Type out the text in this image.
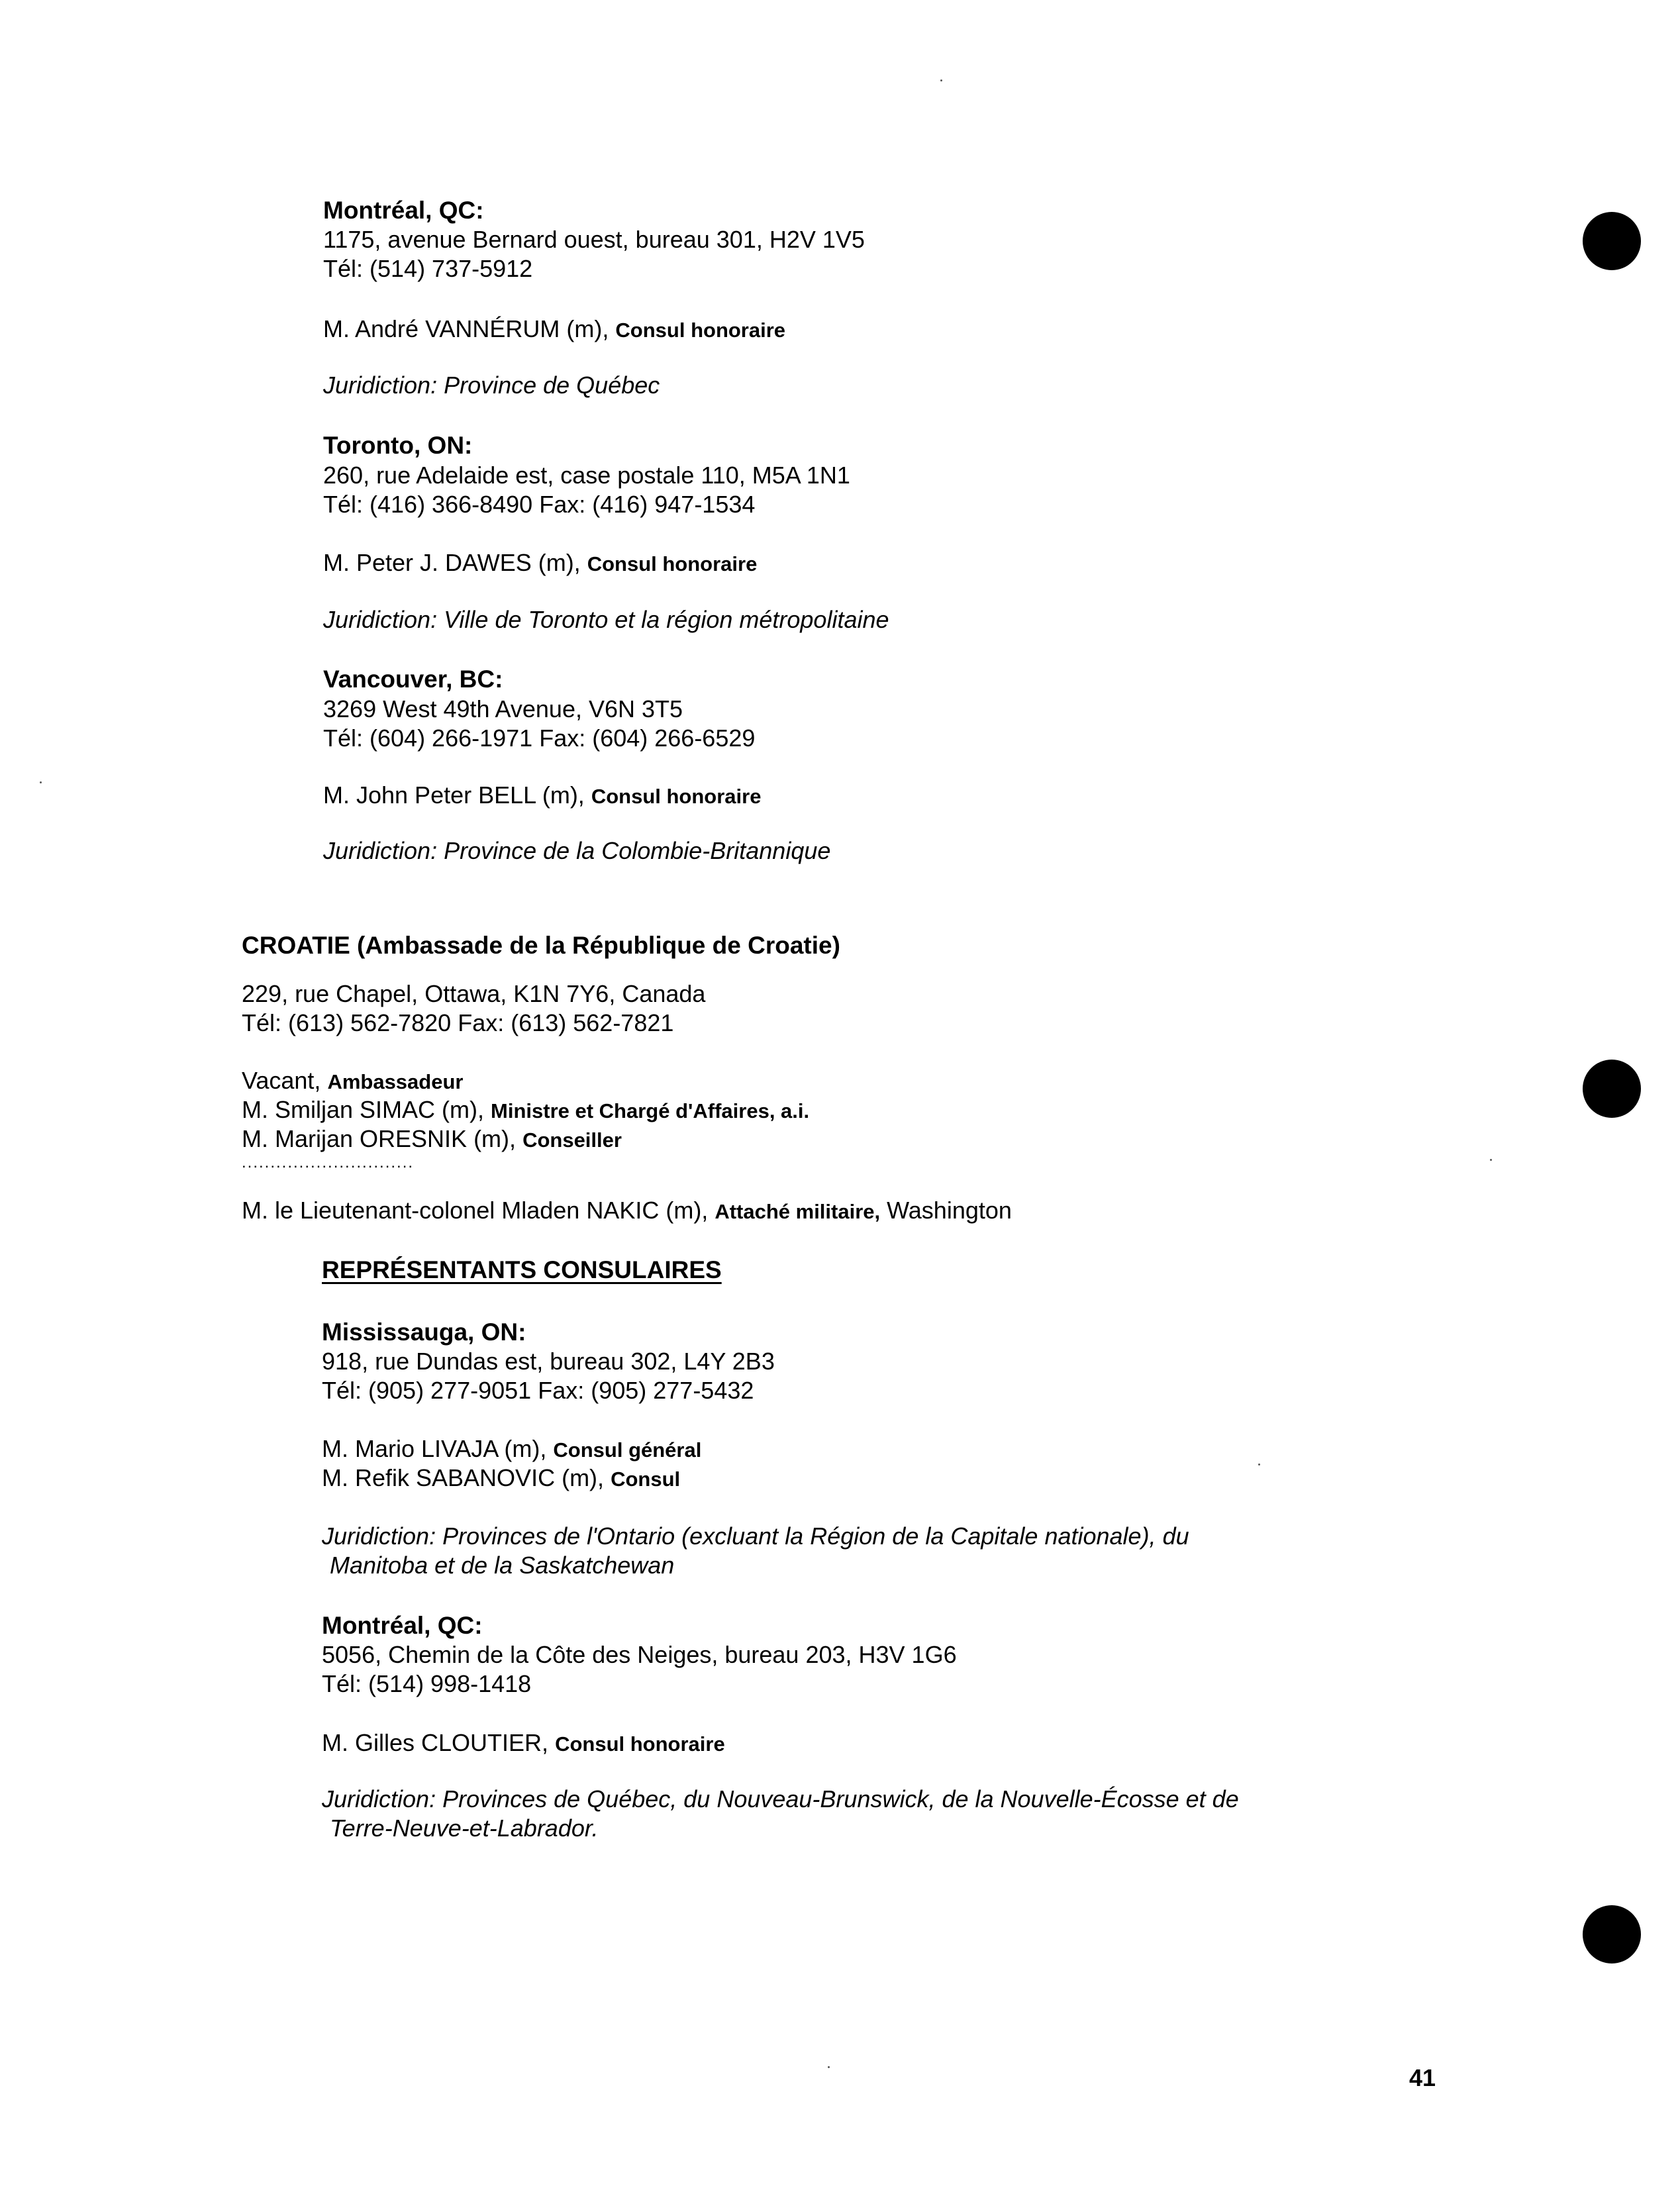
Montréal, QC:
1175, avenue Bernard ouest, bureau 301, H2V 1V5
Tél: (514) 737-5912
M. André VANNÉRUM (m), Consul honoraire
Juridiction: Province de Québec
Toronto, ON:
260, rue Adelaide est, case postale 110, M5A 1N1
Tél: (416) 366-8490 Fax: (416) 947-1534
M. Peter J. DAWES (m), Consul honoraire
Juridiction: Ville de Toronto et la région métropolitaine
Vancouver, BC:
3269 West 49th Avenue, V6N 3T5
Tél: (604) 266-1971 Fax: (604) 266-6529
M. John Peter BELL (m), Consul honoraire
Juridiction: Province de la Colombie-Britannique
CROATIE (Ambassade de la République de Croatie)
229, rue Chapel, Ottawa, K1N 7Y6, Canada
Tél: (613) 562-7820 Fax: (613) 562-7821
Vacant, Ambassadeur
M. Smiljan SIMAC (m), Ministre et Chargé d'Affaires, a.i.
M. Marijan ORESNIK (m), Conseiller
..............................
M. le Lieutenant-colonel Mladen NAKIC (m), Attaché militaire, Washington
REPRÉSENTANTS CONSULAIRES
Mississauga, ON:
918, rue Dundas est, bureau 302, L4Y 2B3
Tél: (905) 277-9051 Fax: (905) 277-5432
M. Mario LIVAJA (m), Consul général
M. Refik SABANOVIC (m), Consul
Juridiction: Provinces de l'Ontario (excluant la Région de la Capitale nationale), du
Manitoba et de la Saskatchewan
Montréal, QC:
5056, Chemin de la Côte des Neiges, bureau 203, H3V 1G6
Tél: (514) 998-1418
M. Gilles CLOUTIER, Consul honoraire
Juridiction: Provinces de Québec, du Nouveau-Brunswick, de la Nouvelle-Écosse et de
Terre-Neuve-et-Labrador.
41
